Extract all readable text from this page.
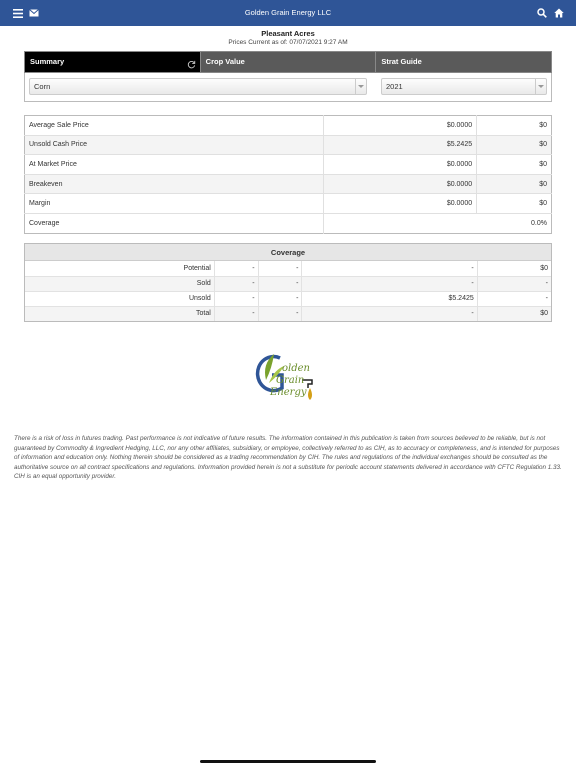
Golden Grain Energy LLC
Pleasant Acres
Prices Current as of: 07/07/2021 9:27 AM
Summary	Crop Value	Strat Guide
Corn	2021
Average Sale Price	$0.0000	$0
Unsold Cash Price	$5.2425	$0
At Market Price	$0.0000	$0
Breakeven	$0.0000	$0
Margin	$0.0000	$0
Coverage	0.0%	
Coverage
Potential	-	-	-	$0
Sold	-	-	-	-
Unsold	-	-	$5.2425	-
Total	-	-	-	$0
olden
Grain
Energy
There is a risk of loss in futures trading. Past performance is not indicative of future results. The information contained in this publication is taken from sources believed to be reliable, but is not guaranteed by Commodity & Ingredient Hedging, LLC, nor any other affiliates, subsidiary, or employee, collectively referred to as CIH, as to accuracy or completeness, and is intended for purposes of information and education only. Nothing therein should be considered as a trading recommendation by CIH. The rules and regulations of the individual exchanges should be consulted as the authoritative source on all contract specifications and regulations. Information provided herein is not a substitute for periodic account statements delivered in accordance with CFTC Regulation 1.33. CIH is an equal opportunity provider.
